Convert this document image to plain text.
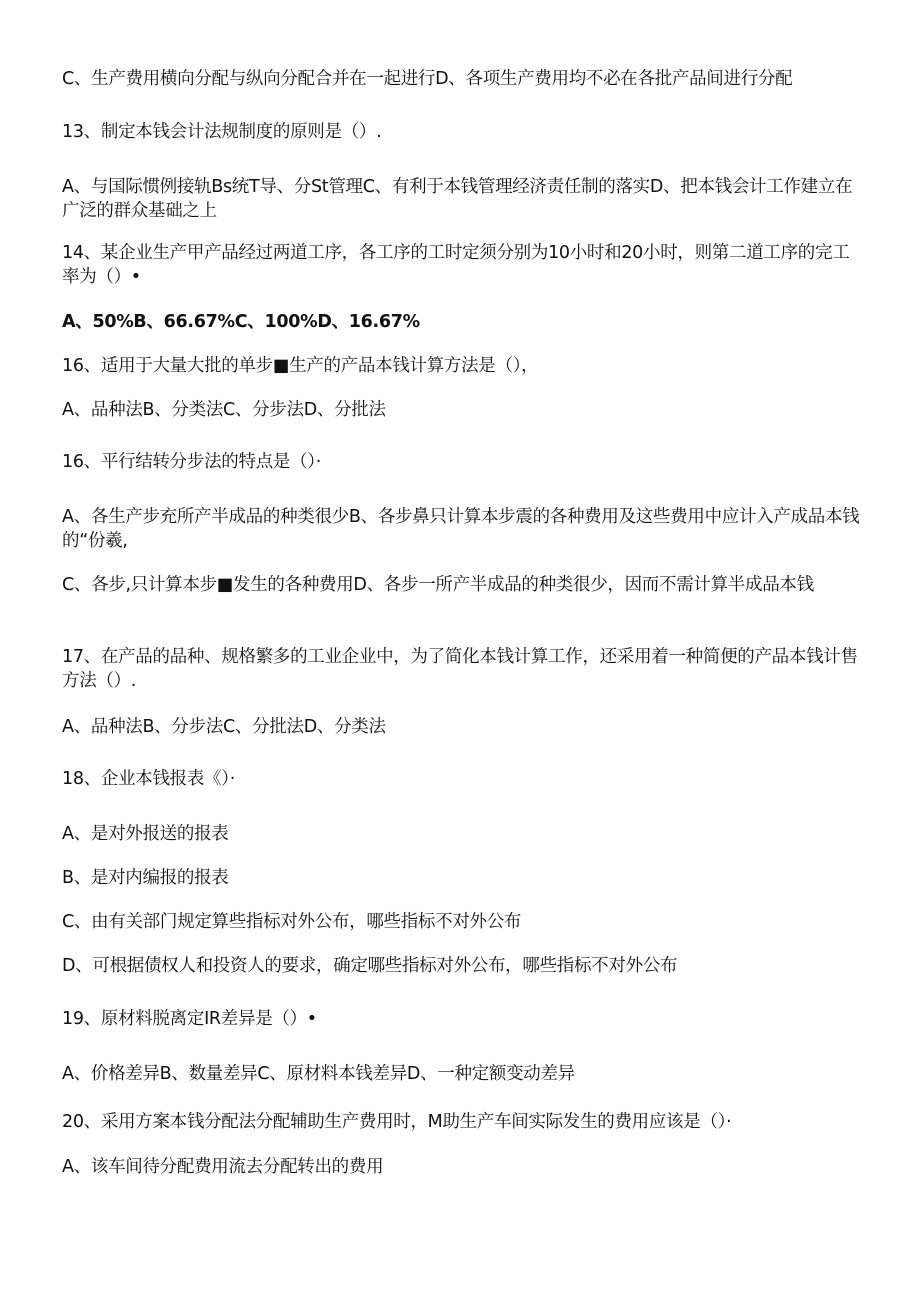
C、生产费用横向分配与纵向分配合并在一起进行D、各项生产费用均不必在各批产品间进行分配
13、制定本钱会计法规制度的原则是（）.
A、与国际惯例接轨Bs统T导、分St管理C、有利于本钱管理经济责任制的落实D、把本钱会计工作建立在广泛的群众基础之上
14、某企业生产甲产品经过两道工序，各工序的工时定须分别为10小时和20小时，则第二道工序的完工率为（）•
A、50%B、66.67%C、100%D、16.67%
16、适用于大量大批的单步■生产的产品本钱计算方法是（），
A、品种法B、分类法C、分步法D、分批法
16、平行结转分步法的特点是（）·
A、各生产步充所产半成品的种类很少B、各步鼻只计算本步震的各种费用及这些费用中应计入产成品本钱的“份羲,
C、各步,只计算本步■发生的各种费用D、各步一所产半成品的种类很少，因而不需计算半成品本钱
17、在产品的品种、规格繁多的工业企业中，为了简化本钱计算工作，还采用着一种简便的产品本钱计售方法（）.
A、品种法B、分步法C、分批法D、分类法
18、企业本钱报表《）·
A、是对外报送的报表
B、是对内编报的报表
C、由有关部门规定算些指标对外公布，哪些指标不对外公布
D、可根据债权人和投资人的要求，确定哪些指标对外公布，哪些指标不对外公布
19、原材料脱离定IR差异是（）•
A、价格差异B、数量差异C、原材料本钱差异D、一种定额变动差异
20、采用方案本钱分配法分配辅助生产费用时，M助生产车间实际发生的费用应该是（）·
A、该车间待分配费用流去分配转出的费用
